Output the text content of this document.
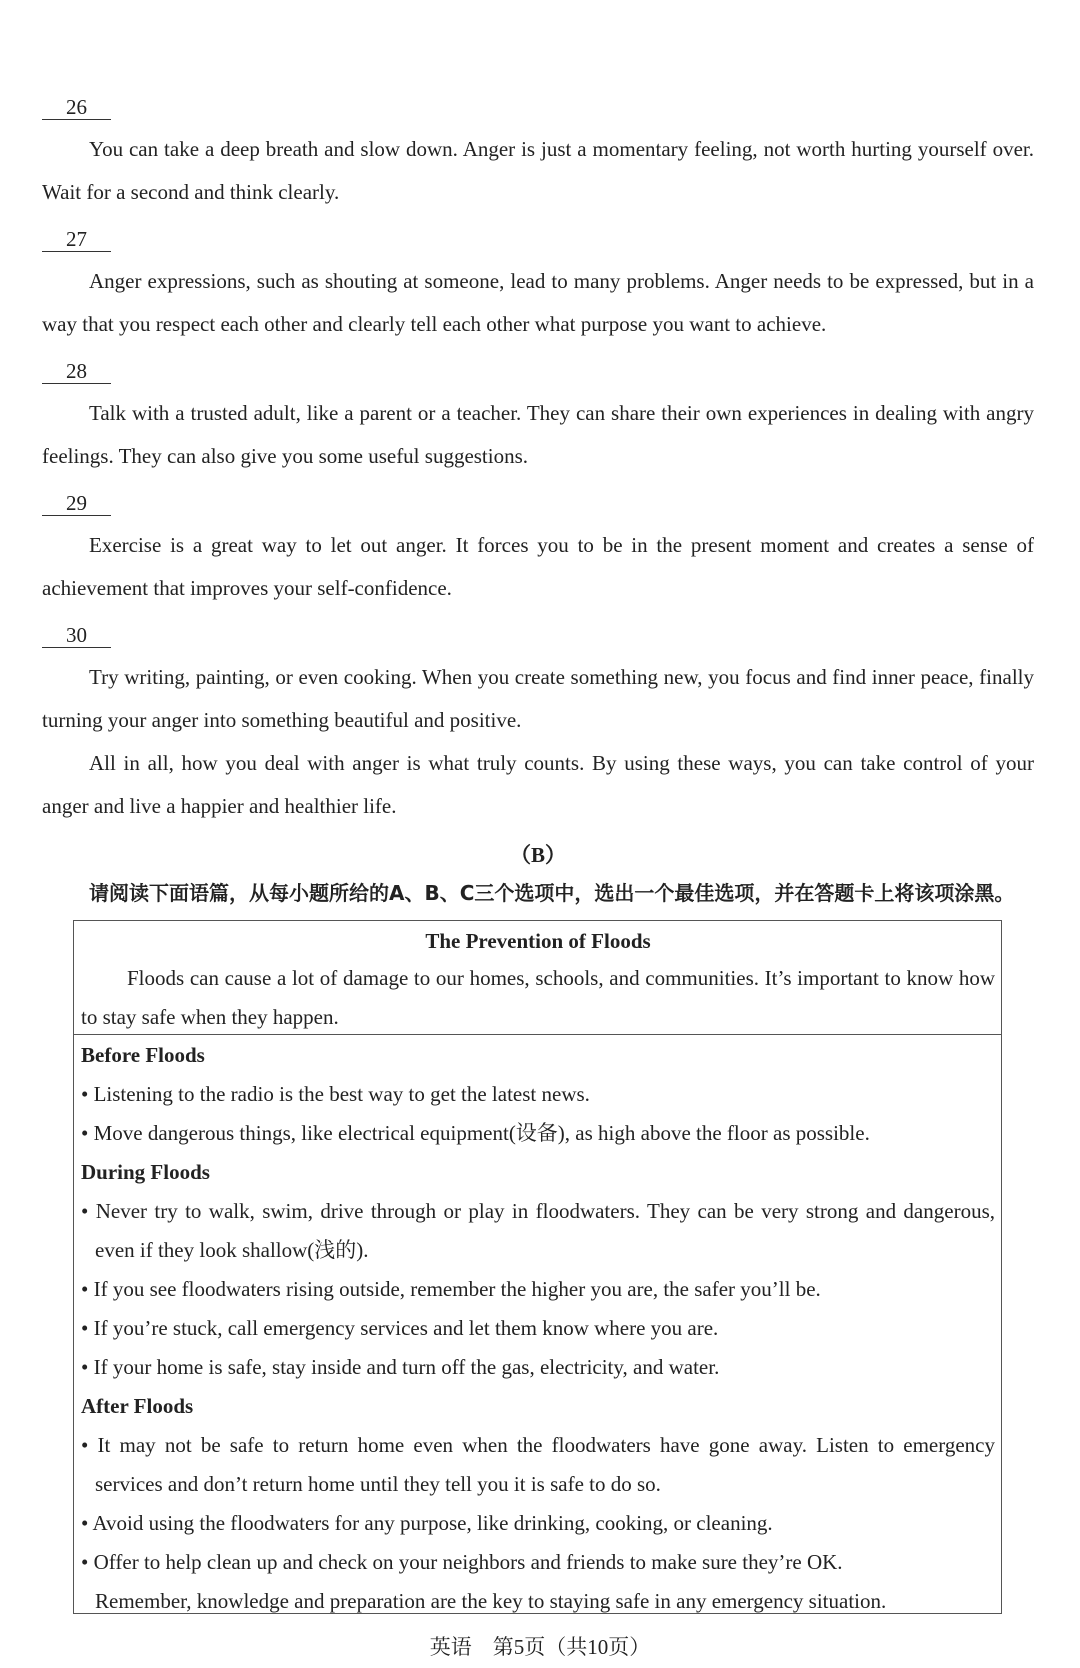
26

You can take a deep breath and slow down. Anger is just a momentary feeling, not worth hurting yourself over. Wait for a second and think clearly.

27

Anger expressions, such as shouting at someone, lead to many problems. Anger needs to be expressed, but in a way that you respect each other and clearly tell each other what purpose you want to achieve.

28

Talk with a trusted adult, like a parent or a teacher. They can share their own experiences in dealing with angry feelings. They can also give you some useful suggestions.

29

Exercise is a great way to let out anger. It forces you to be in the present moment and creates a sense of achievement that improves your self-confidence.

30

Try writing, painting, or even cooking. When you create something new, you focus and find inner peace, finally turning your anger into something beautiful and positive.

All in all, how you deal with anger is what truly counts. By using these ways, you can take control of your anger and live a happier and healthier life.

（B）

请阅读下面语篇，从每小题所给的A、B、C三个选项中，选出一个最佳选项，并在答题卡上将该项涂黑。

The Prevention of Floods

Floods can cause a lot of damage to our homes, schools, and communities. It’s important to know how to stay safe when they happen.

Before Floods

• Listening to the radio is the best way to get the latest news.

• Move dangerous things, like electrical equipment(设备), as high above the floor as possible.

During Floods

• Never try to walk, swim, drive through or play in floodwaters. They can be very strong and dangerous, even if they look shallow(浅的).

• If you see floodwaters rising outside, remember the higher you are, the safer you’ll be.

• If you’re stuck, call emergency services and let them know where you are.

• If your home is safe, stay inside and turn off the gas, electricity, and water.

After Floods

• It may not be safe to return home even when the floodwaters have gone away. Listen to emergency services and don’t return home until they tell you it is safe to do so.

• Avoid using the floodwaters for any purpose, like drinking, cooking, or cleaning.

• Offer to help clean up and check on your neighbors and friends to make sure they’re OK.

Remember, knowledge and preparation are the key to staying safe in any emergency situation.

英语　第5页（共10页）
